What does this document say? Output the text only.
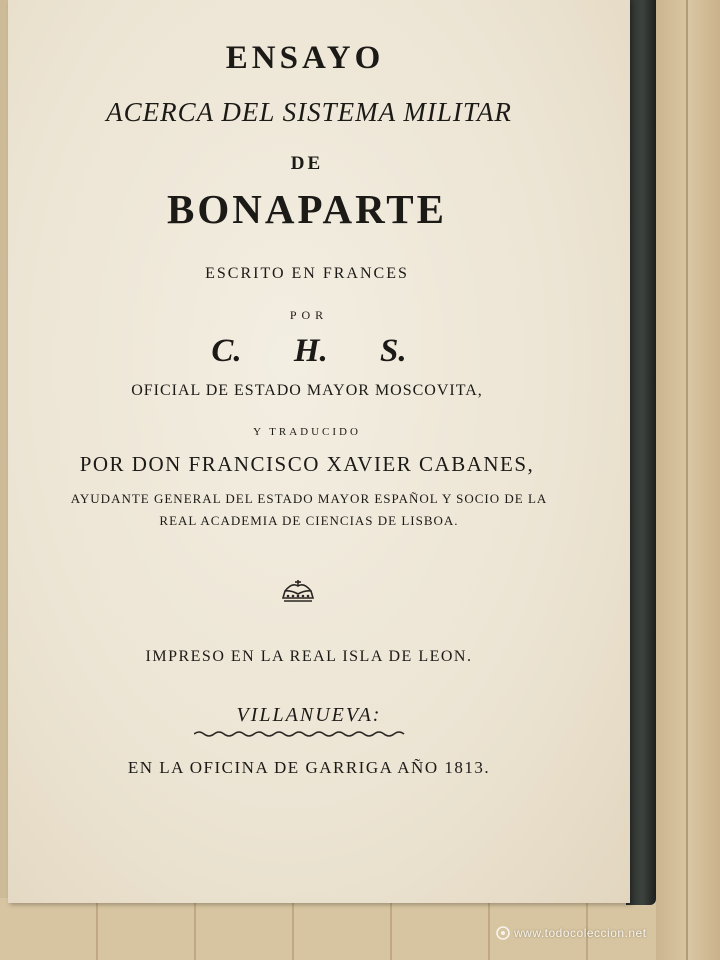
ENSAYO
ACERCA DEL SISTEMA MILITAR
DE
BONAPARTE
ESCRITO EN FRANCES
POR
C. H. S.
OFICIAL DE ESTADO MAYOR MOSCOVITA,
Y TRADUCIDO
POR DON FRANCISCO XAVIER CABANES,
AYUDANTE GENERAL DEL ESTADO MAYOR ESPAÑOL Y SOCIO DE LA
REAL ACADEMIA DE CIENCIAS DE LISBOA.
IMPRESO EN LA REAL ISLA DE LEON.
VILLANUEVA:
EN LA OFICINA DE GARRIGA AÑO 1813.
www.todocoleccion.net
